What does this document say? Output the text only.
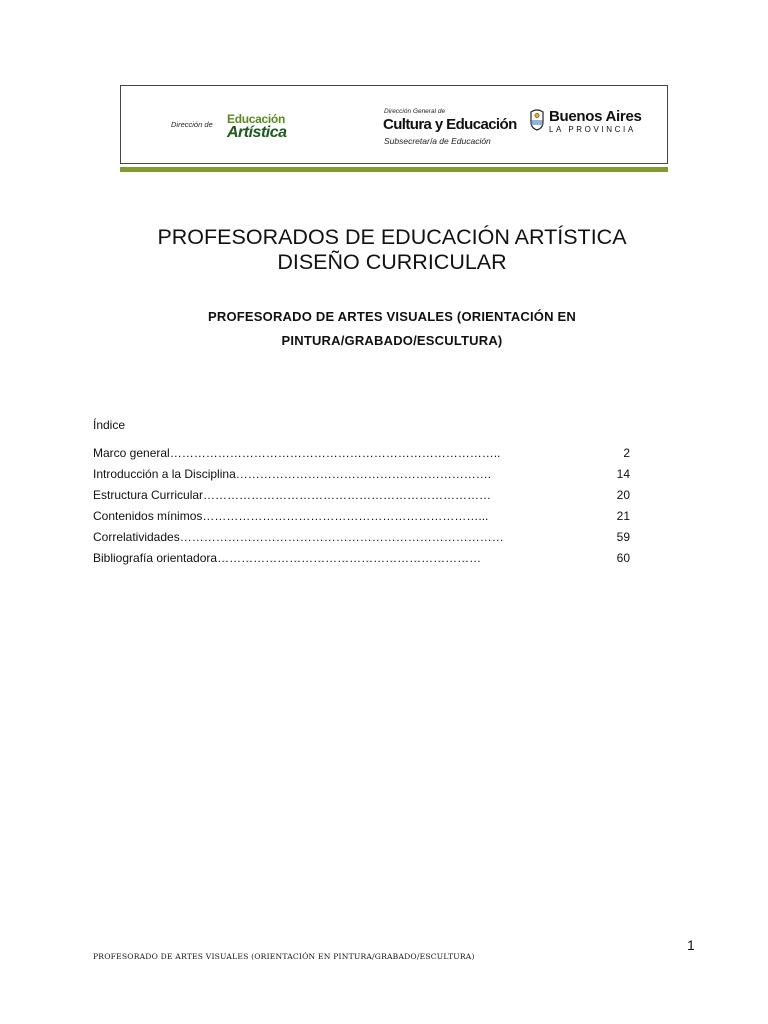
Dirección de Educación
Artística
Dirección General de
Cultura y Educación
Subsecretaría de Educación
Buenos Aires
LA PROVINCIA
PROFESORADOS DE EDUCACIÓN ARTÍSTICA
DISEÑO CURRICULAR
PROFESORADO DE ARTES VISUALES (ORIENTACIÓN EN
PINTURA/GRABADO/ESCULTURA)
Índice
Marco general………………………………………………………………………..	2
Introducción a la Disciplina……………………………………………………….	14
Estructura Curricular………………………………………………………………	20
Contenidos mínimos……………………………………………………………...	21
Correlatividades………………………………………………………………………	59
Bibliografía orientadora…………………………………………………………	60
1
PROFESORADO DE ARTES VISUALES (ORIENTACIÓN EN PINTURA/GRABADO/ESCULTURA)
